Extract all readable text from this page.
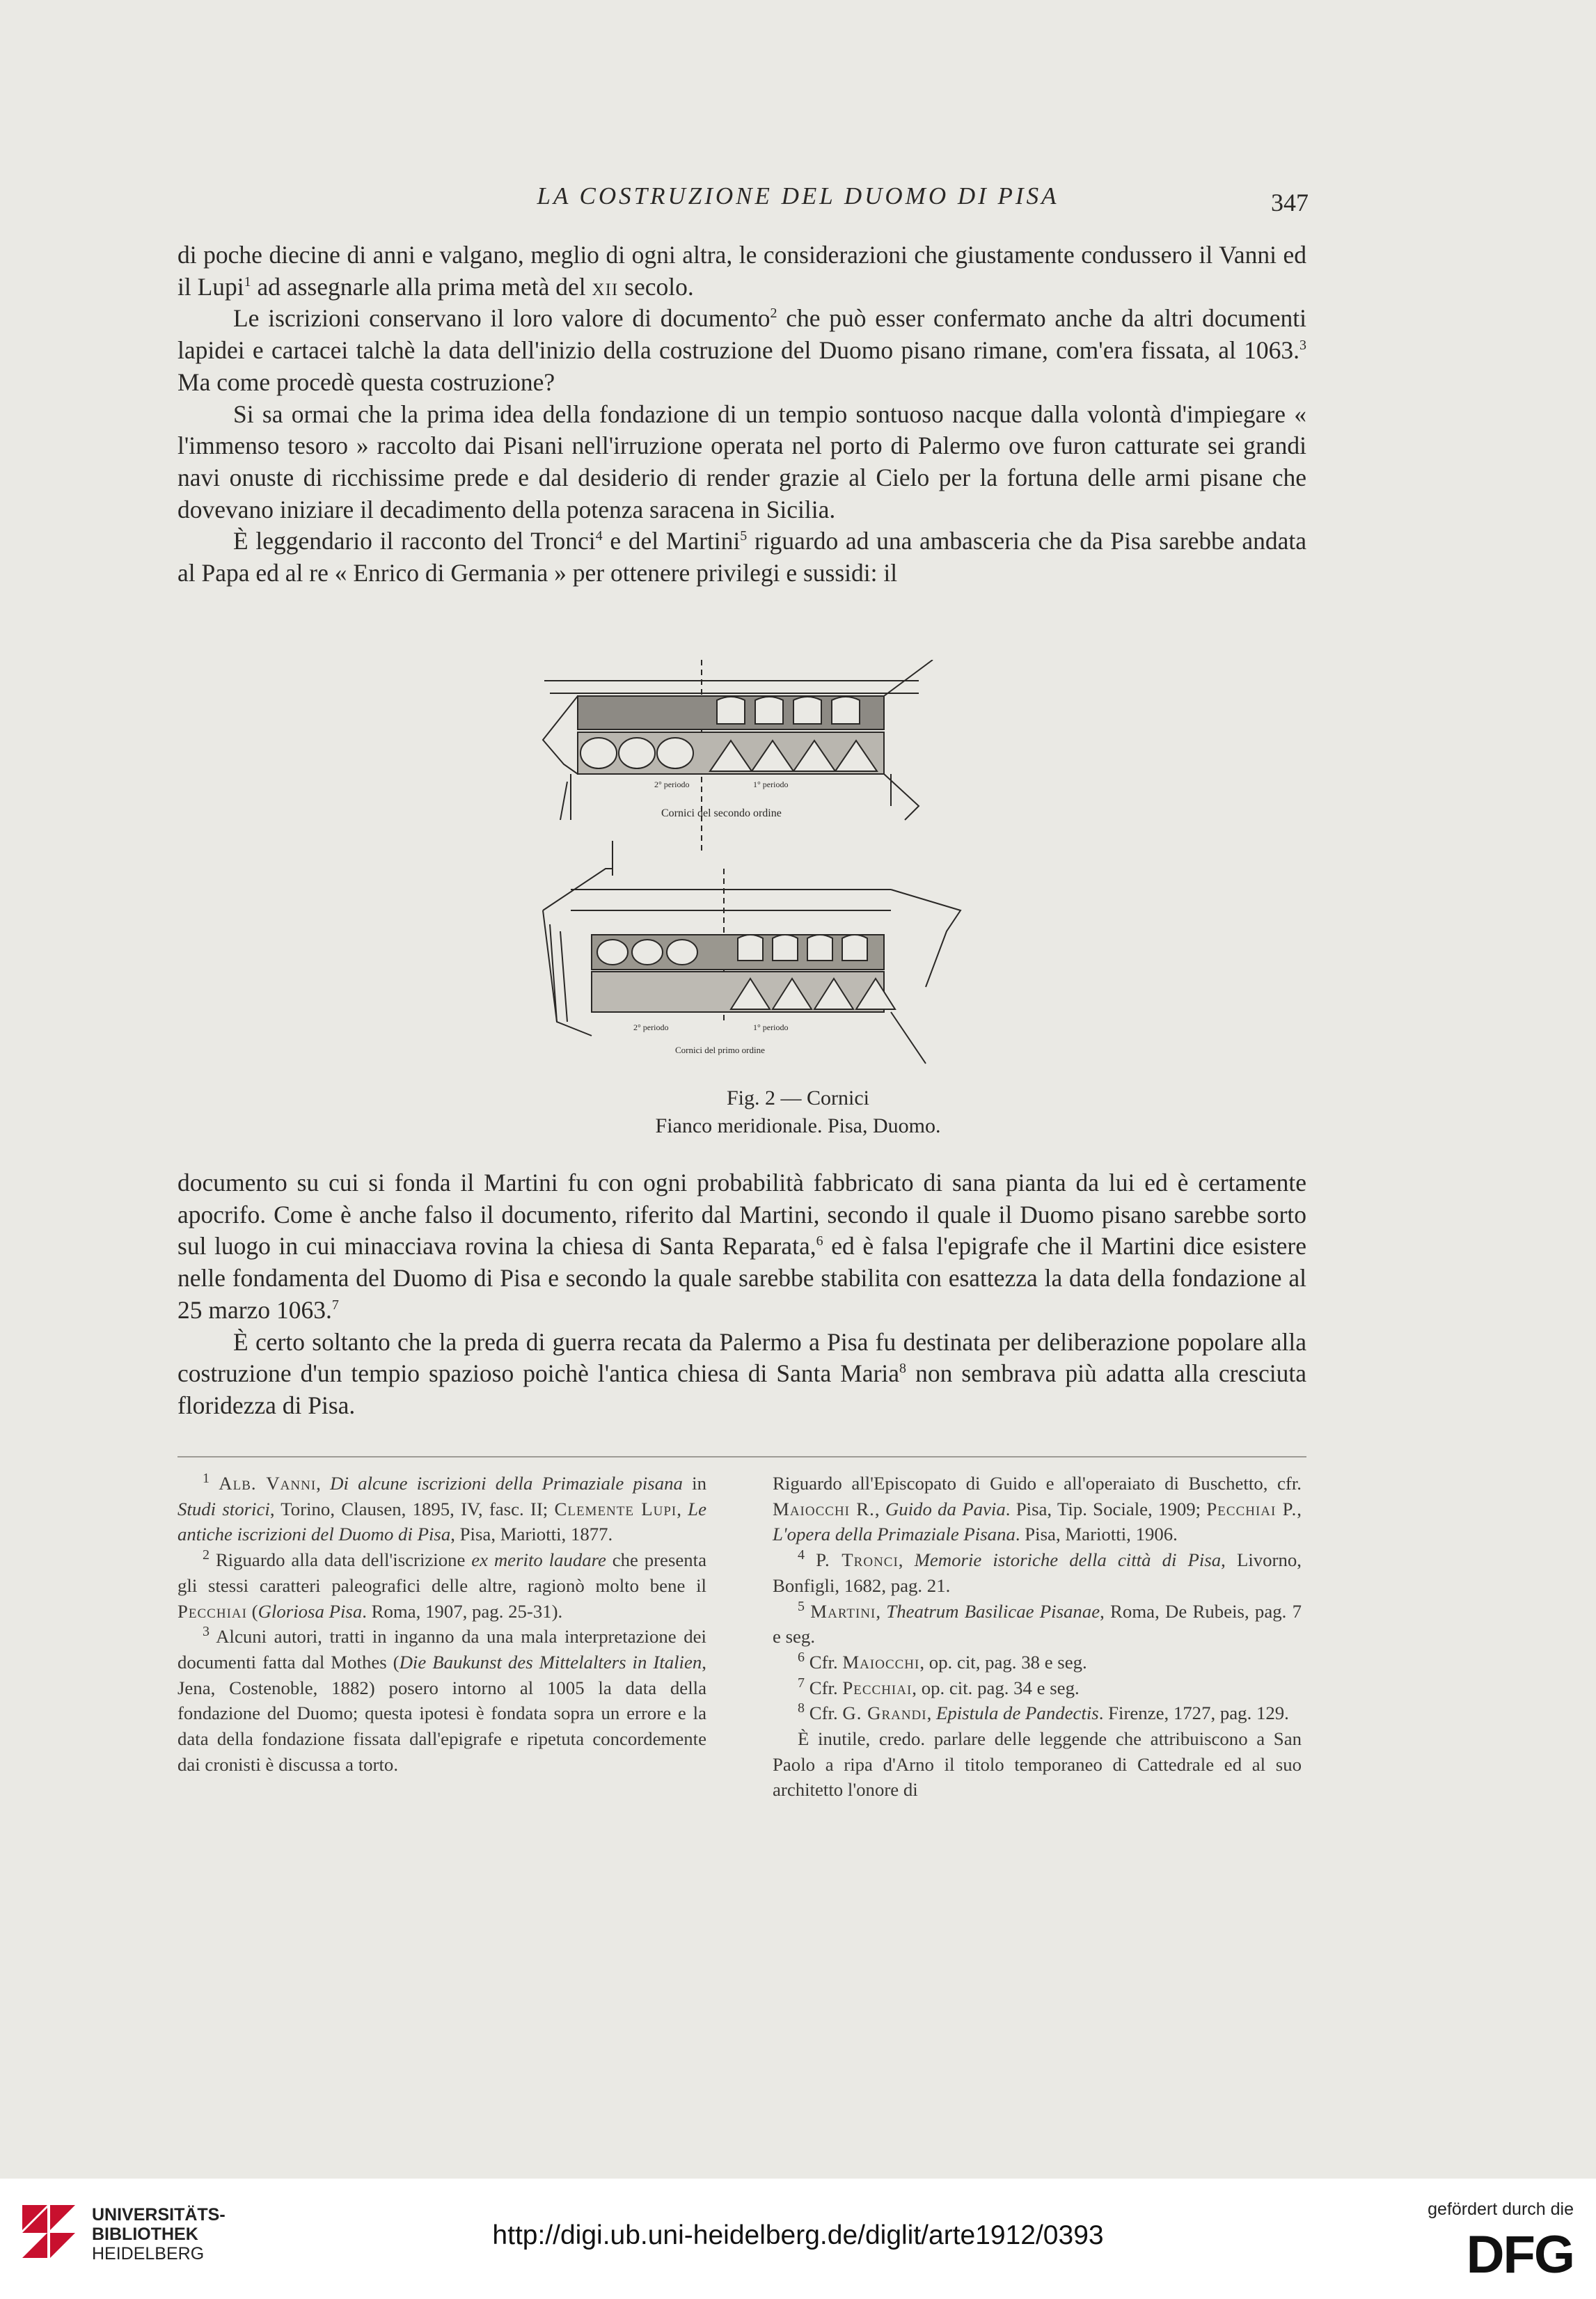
LA COSTRUZIONE DEL DUOMO DI PISA	347

di poche diecine di anni e valgano, meglio di ogni altra, le considerazioni che giustamente condussero il Vanni ed il Lupi$^1$ ad assegnarle alla prima metà del xii secolo.

Le iscrizioni conservano il loro valore di documento$^2$ che può esser confermato anche da altri documenti lapidei e cartacei talchè la data dell'inizio della costruzione del Duomo pisano rimane, com'era fissata, al 1063.$^3$ Ma come procedè questa costruzione?

Si sa ormai che la prima idea della fondazione di un tempio sontuoso nacque dalla volontà d'impiegare « l'immenso tesoro » raccolto dai Pisani nell'irruzione operata nel porto di Palermo ove furon catturate sei grandi navi onuste di ricchissime prede e dal desiderio di render grazie al Cielo per la fortuna delle armi pisane che dovevano iniziare il decadimento della potenza saracena in Sicilia.

È leggendario il racconto del Tronci$^4$ e del Martini$^5$ riguardo ad una ambasceria che da Pisa sarebbe andata al Papa ed al re « Enrico di Germania » per ottenere privilegi e sussidi: il

2° periodo	1° periodo
Cornici del secondo ordine
2° periodo	1° periodo
Cornici del primo ordine
Fig. 2 — Cornici
Fianco meridionale. Pisa, Duomo.

documento su cui si fonda il Martini fu con ogni probabilità fabbricato di sana pianta da lui ed è certamente apocrifo. Come è anche falso il documento, riferito dal Martini, secondo il quale il Duomo pisano sarebbe sorto sul luogo in cui minacciava rovina la chiesa di Santa Reparata,$^6$ ed è falsa l'epigrafe che il Martini dice esistere nelle fondamenta del Duomo di Pisa e secondo la quale sarebbe stabilita con esattezza la data della fondazione al 25 marzo 1063.$^7$

È certo soltanto che la preda di guerra recata da Palermo a Pisa fu destinata per deliberazione popolare alla costruzione d'un tempio spazioso poichè l'antica chiesa di Santa Maria$^8$ non sembrava più adatta alla cresciuta floridezza di Pisa.

$^1$ Alb. Vanni, Di alcune iscrizioni della Primaziale pisana in Studi storici, Torino, Clausen, 1895, IV, fasc. II; Clemente Lupi, Le antiche iscrizioni del Duomo di Pisa, Pisa, Mariotti, 1877.

$^2$ Riguardo alla data dell'iscrizione ex merito laudare che presenta gli stessi caratteri paleografici delle altre, ragionò molto bene il Pecchiai (Gloriosa Pisa. Roma, 1907, pag. 25-31).

$^3$ Alcuni autori, tratti in inganno da una mala interpretazione dei documenti fatta dal Mothes (Die Baukunst des Mittelalters in Italien, Jena, Costenoble, 1882) posero intorno al 1005 la data della fondazione del Duomo; questa ipotesi è fondata sopra un errore e la data della fondazione fissata dall'epigrafe e ripetuta concordemente dai cronisti è discussa a torto.

Riguardo all'Episcopato di Guido e all'operaiato di Buschetto, cfr. Maiocchi R., Guido da Pavia. Pisa, Tip. Sociale, 1909; Pecchiai P., L'opera della Primaziale Pisana. Pisa, Mariotti, 1906.

$^4$ P. Tronci, Memorie istoriche della città di Pisa, Livorno, Bonfigli, 1682, pag. 21.

$^5$ Martini, Theatrum Basilicae Pisanae, Roma, De Rubeis, pag. 7 e seg.

$^6$ Cfr. Maiocchi, op. cit, pag. 38 e seg.

$^7$ Cfr. Pecchiai, op. cit. pag. 34 e seg.

$^8$ Cfr. G. Grandi, Epistula de Pandectis. Firenze, 1727, pag. 129.

È inutile, credo. parlare delle leggende che attribuiscono a San Paolo a ripa d'Arno il titolo temporaneo di Cattedrale ed al suo architetto l'onore di

UNIVERSITÄTS-
BIBLIOTHEK
HEIDELBERG
http://digi.ub.uni-heidelberg.de/diglit/arte1912/0393
gefördert durch die
DFG
